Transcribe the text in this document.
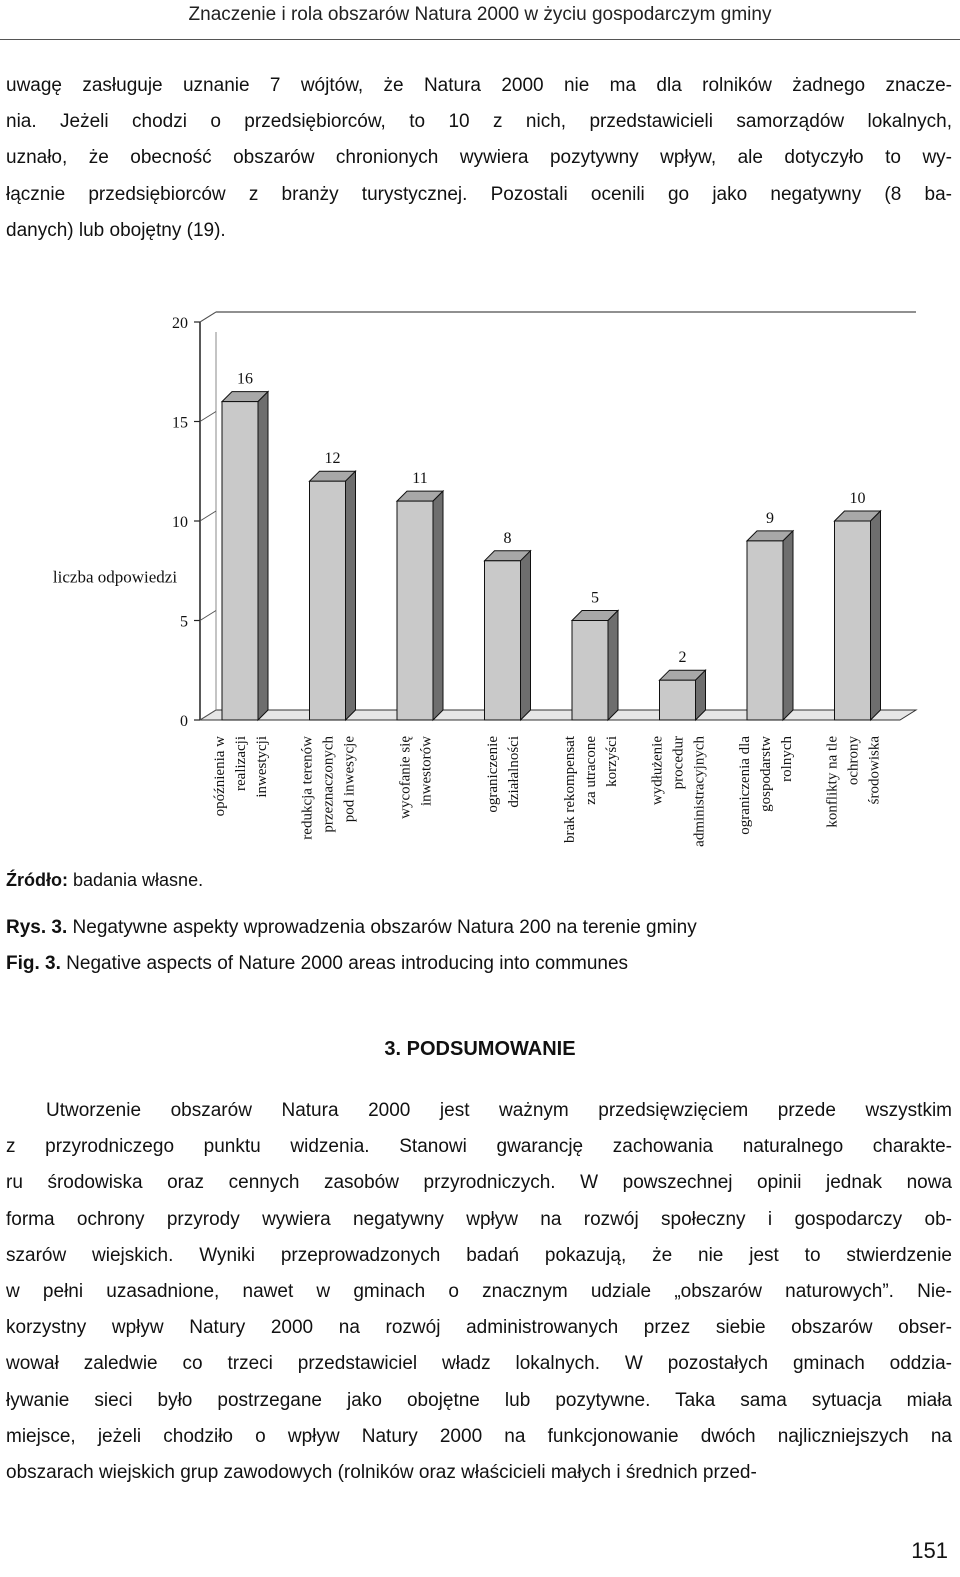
Znaczenie i rola obszarów Natura 2000 w życiu gospodarczym gminy

uwagę zasługuje uznanie 7 wójtów, że Natura 2000 nie ma dla rolników żadnego znacze-

nia. Jeżeli chodzi o przedsiębiorców, to 10 z nich, przedstawicieli samorządów lokalnych,

uznało, że obecność obszarów chronionych wywiera pozytywny wpływ, ale dotyczyło to wy-

łącznie przedsiębiorców z branży turystycznej. Pozostali ocenili go jako negatywny (8 ba-

danych) lub obojętny (19).

0
5
10
15
20
liczba odpowiedzi
16
opóźnienia w realizacji inwestycji
12
redukcja terenów przeznaczonych pod inwesycje
11
wycofanie się inwestorów
8
ograniczenie działalności
5
brak rekompensat za utracone korzyści
2
wydłużenie procedur administracyjnych
9
ograniczenia dla gospodarstw rolnych
10
konflikty na tle ochrony środowiska

Źródło: badania własne.

Rys. 3. Negatywne aspekty wprowadzenia obszarów Natura 200 na terenie gminy

Fig. 3. Negative aspects of Nature 2000 areas introducing into communes

3. PODSUMOWANIE

Utworzenie obszarów Natura 2000 jest ważnym przedsięwzięciem przede wszystkim

z przyrodniczego punktu widzenia. Stanowi gwarancję zachowania naturalnego charakte-

ru środowiska oraz cennych zasobów przyrodniczych. W powszechnej opinii jednak nowa

forma ochrony przyrody wywiera negatywny wpływ na rozwój społeczny i gospodarczy ob-

szarów wiejskich. Wyniki przeprowadzonych badań pokazują, że nie jest to stwierdzenie

w pełni uzasadnione, nawet w gminach o znacznym udziale „obszarów naturowych”. Nie-

korzystny wpływ Natury 2000 na rozwój administrowanych przez siebie obszarów obser-

wował zaledwie co trzeci przedstawiciel władz lokalnych. W pozostałych gminach oddzia-

ływanie sieci było postrzegane jako obojętne lub pozytywne. Taka sama sytuacja miała

miejsce, jeżeli chodziło o wpływ Natury 2000 na funkcjonowanie dwóch najliczniejszych na

obszarach wiejskich grup zawodowych (rolników oraz właścicieli małych i średnich przed-

151
